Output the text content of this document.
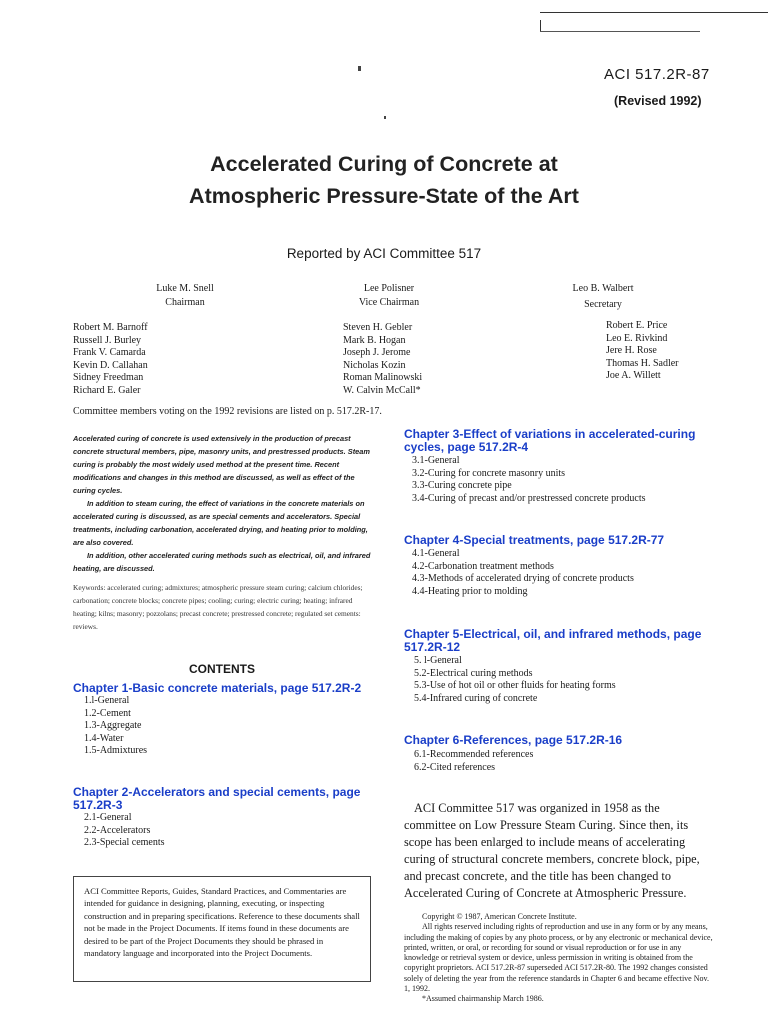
ACI 517.2R-87
(Revised 1992)
Accelerated Curing of Concrete at
Atmospheric Pressure-State of the Art
Reported by ACI Committee 517
Luke M. Snell
Chairman
Lee Polisner
Vice Chairman
Leo B. Walbert
Secretary
Robert M. Barnoff
Russell J. Burley
Frank V. Camarda
Kevin D. Callahan
Sidney Freedman
Richard E. Galer
Steven H. Gebler
Mark B. Hogan
Joseph J. Jerome
Nicholas Kozin
Roman Malinowski
W. Calvin McCall*
Robert E. Price
Leo E. Rivkind
Jere H. Rose
Thomas H. Sadler
Joe A. Willett
Committee members voting on the 1992 revisions are listed on p. 517.2R-17.

Accelerated curing of concrete is used extensively in the production of precast concrete structural members, pipe, masonry units, and prestressed products. Steam curing is probably the most widely used method at the present time. Recent modifications and changes in this method are discussed, as well as effect of the curing cycles.

In addition to steam curing, the effect of variations in the concrete materials on accelerated curing is discussed, as are special cements and accelerators. Special treatments, including carbonation, accelerated drying, and heating prior to molding, are also covered.

In addition, other accelerated curing methods such as electrical, oil, and infrared heating, are discussed.

Keywords: accelerated curing; admixtures; atmospheric pressure steam curing; calcium chlorides; carbonation; concrete blocks; concrete pipes; cooling; curing; electric curing; heating; infrared heating; kilns; masonry; pozzolans; precast concrete; prestressed concrete; regulated set cements: reviews.
CONTENTS
Chapter 1-Basic concrete materials, page 517.2R-2
1.l-General
1.2-Cement
1.3-Aggregate
1.4-Water
1.5-Admixtures
Chapter 2-Accelerators and special cements, page 517.2R-3
2.1-General
2.2-Accelerators
2.3-Special cements
Chapter 3-Effect of variations in accelerated-curing cycles, page 517.2R-4
3.1-General
3.2-Curing for concrete masonry units
3.3-Curing concrete pipe
3.4-Curing of precast and/or prestressed concrete products
Chapter 4-Special treatments, page 517.2R-77
4.1-General
4.2-Carbonation treatment methods
4.3-Methods of accelerated drying of concrete products
4.4-Heating prior to molding
Chapter 5-Electrical, oil, and infrared methods, page 517.2R-12
5. l-General
5.2-Electrical curing methods
5.3-Use of hot oil or other fluids for heating forms
5.4-Infrared curing of concrete
Chapter 6-References, page 517.2R-16
6.1-Recommended references
6.2-Cited references
ACI Committee Reports, Guides, Standard Practices, and Commentaries are intended for guidance in designing, planning, executing, or inspecting construction and in preparing specifications. Reference to these documents shall not be made in the Project Documents. If items found in these documents are desired to be part of the Project Documents they should be phrased in mandatory language and incorporated into the Project Documents.
ACI Committee 517 was organized in 1958 as the committee on Low Pressure Steam Curing. Since then, its scope has been enlarged to include means of accelerating curing of structural concrete members, concrete block, pipe, and precast concrete, and the title has been changed to Accelerated Curing of Concrete at Atmospheric Pressure.

Copyright © 1987, American Concrete Institute.

All rights reserved including rights of reproduction and use in any form or by any means, including the making of copies by any photo process, or by any electronic or mechanical device, printed, written, or oral, or recording for sound or visual reproduction or for use in any knowledge or retrieval system or device, unless permission in writing is obtained from the copyright proprietors. ACI 517.2R-87 superseded ACI 517.2R-80. The 1992 changes consisted solely of deleting the year from the reference standards in Chapter 6 and became effective Nov. 1, 1992.

*Assumed chairmanship March 1986.
